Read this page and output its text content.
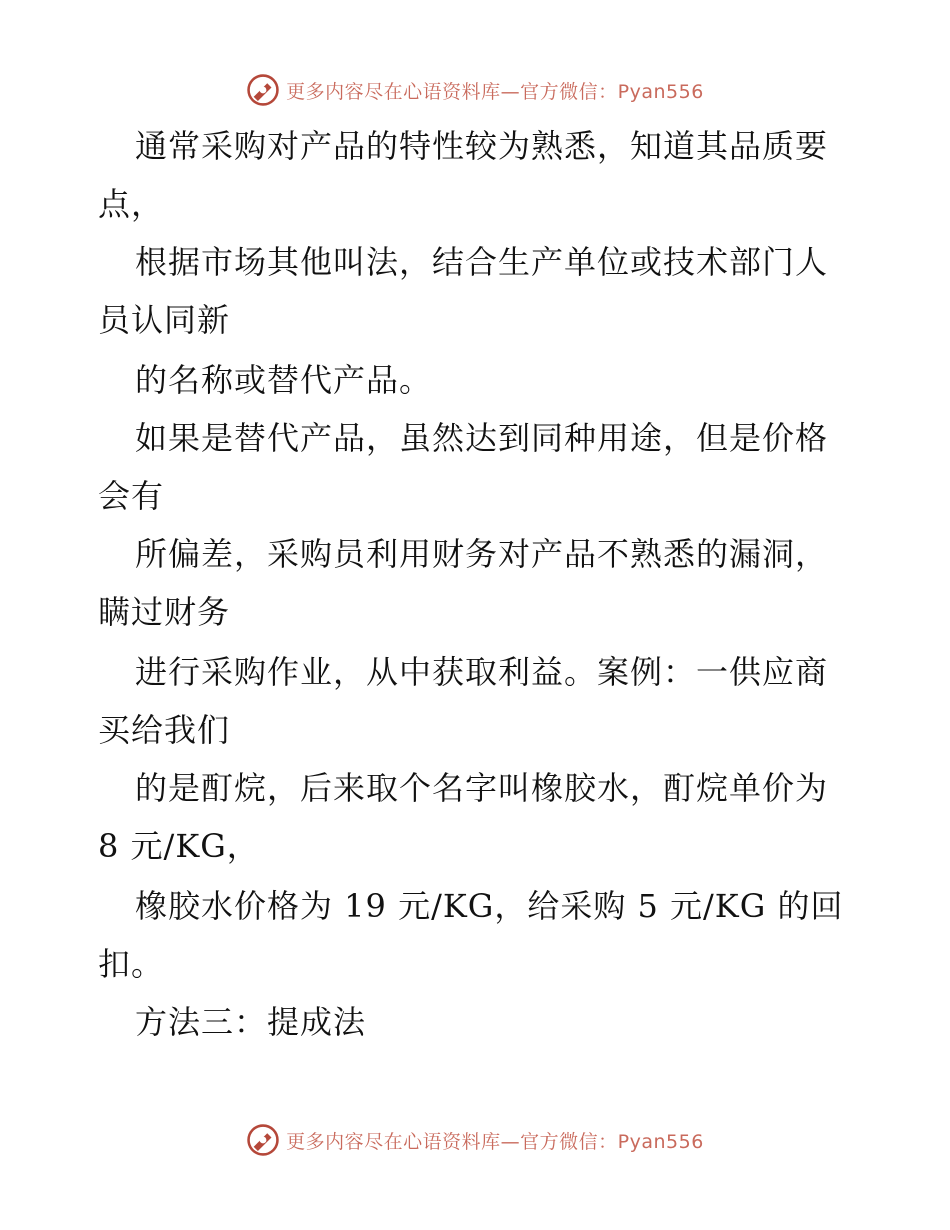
更多内容尽在心语资料库—官方微信：Pyan556
通常采购对产品的特性较为熟悉，知道其品质要
点，
根据市场其他叫法，结合生产单位或技术部门人
员认同新
的名称或替代产品。
如果是替代产品，虽然达到同种用途，但是价格
会有
所偏差，采购员利用财务对产品不熟悉的漏洞，
瞒过财务
进行采购作业，从中获取利益。案例：一供应商
买给我们
的是酊烷，后来取个名字叫橡胶水，酊烷单价为
8 元/KG，
橡胶水价格为 19 元/KG，给采购 5 元/KG 的回
扣。
方法三：提成法
更多内容尽在心语资料库—官方微信：Pyan556
